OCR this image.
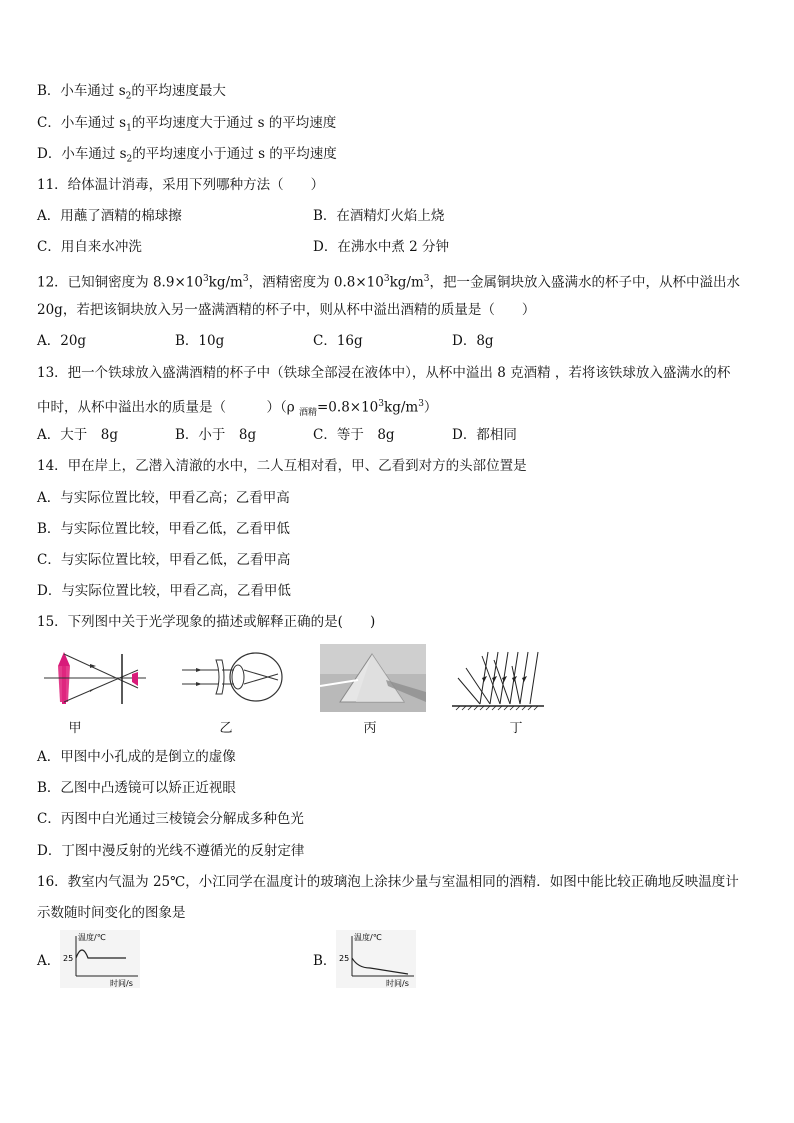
B．小车通过 $s_2$的平均速度最大
C．小车通过 $s_1$的平均速度大于通过 s 的平均速度
D．小车通过 $s_2$的平均速度小于通过 s 的平均速度
11．给体温计消毒，采用下列哪种方法（　　）
A．用蘸了酒精的棉球擦	B．在酒精灯火焰上烧
C．用自来水冲洗	D．在沸水中煮 2 分钟
12．已知铜密度为 $8.9\times 10^3kg/m^3$，酒精密度为 $0.8\times 10^3kg/m^3$，把一金属铜块放入盛满水的杯子中，从杯中溢出水
20g，若把该铜块放入另一盛满酒精的杯子中，则从杯中溢出酒精的质量是（　　）
A．20g	B．10g	C．16g	D．8g
13．把一个铁球放入盛满酒精的杯子中（铁球全部浸在液体中），从杯中溢出 8 克酒精 ，若将该铁球放入盛满水的杯
中时，从杯中溢出水的质量是（　　　）（ρ $_{酒精}=0.8\times 10^3kg/m^3$）
A．大于　8g	B．小于　8g	C．等于　8g	D．都相同
14．甲在岸上，乙潜入清澈的水中，二人互相对看，甲、乙看到对方的头部位置是
A．与实际位置比较，甲看乙高；乙看甲高
B．与实际位置比较，甲看乙低，乙看甲低
C．与实际位置比较，甲看乙低，乙看甲高
D．与实际位置比较，甲看乙高，乙看甲低
15．下列图中关于光学现象的描述或解释正确的是(　　)
甲	乙	丙	丁
A．甲图中小孔成的是倒立的虚像
B．乙图中凸透镜可以矫正近视眼
C．丙图中白光通过三棱镜会分解成多种色光
D．丁图中漫反射的光线不遵循光的反射定律
16．教室内气温为 25℃，小江同学在温度计的玻璃泡上涂抹少量与室温相同的酒精．如图中能比较正确地反映温度计
示数随时间变化的图象是
A．
温度/℃
25
时间/s
B．
温度/℃
25
时间/s
